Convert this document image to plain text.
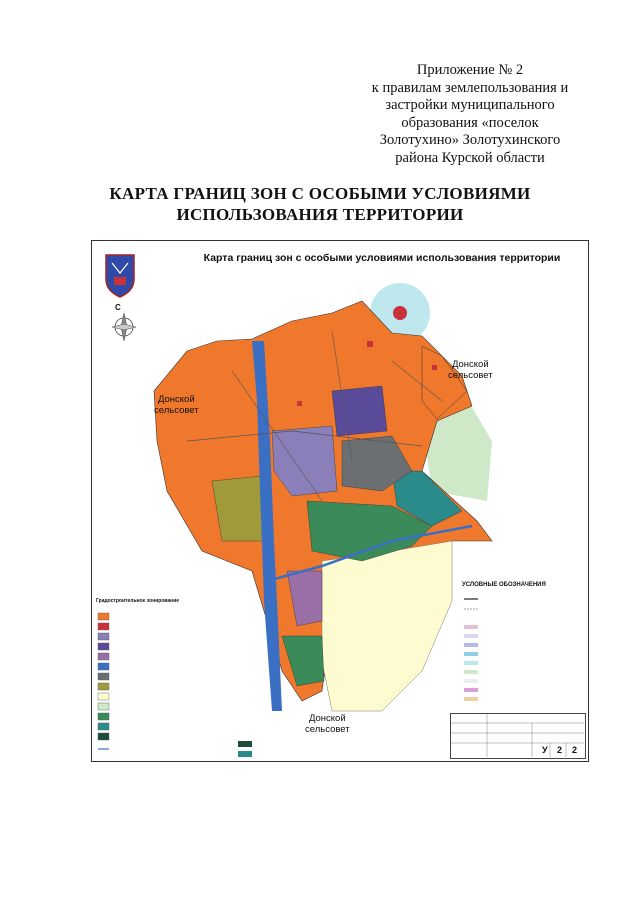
Приложение № 2
к правилам землепользования и
застройки муниципального
образования «поселок
Золотухино» Золотухинского
района Курской области
КАРТА ГРАНИЦ ЗОН С ОСОБЫМИ УСЛОВИЯМИ
ИСПОЛЬЗОВАНИЯ ТЕРРИТОРИИ
Карта границ зон с особыми условиями использования территории
С
Донской
сельсовет
Донской
сельсовет
Донской
сельсовет
Градостроительное зонирование
УСЛОВНЫЕ ОБОЗНАЧЕНИЯ
У 2 2
